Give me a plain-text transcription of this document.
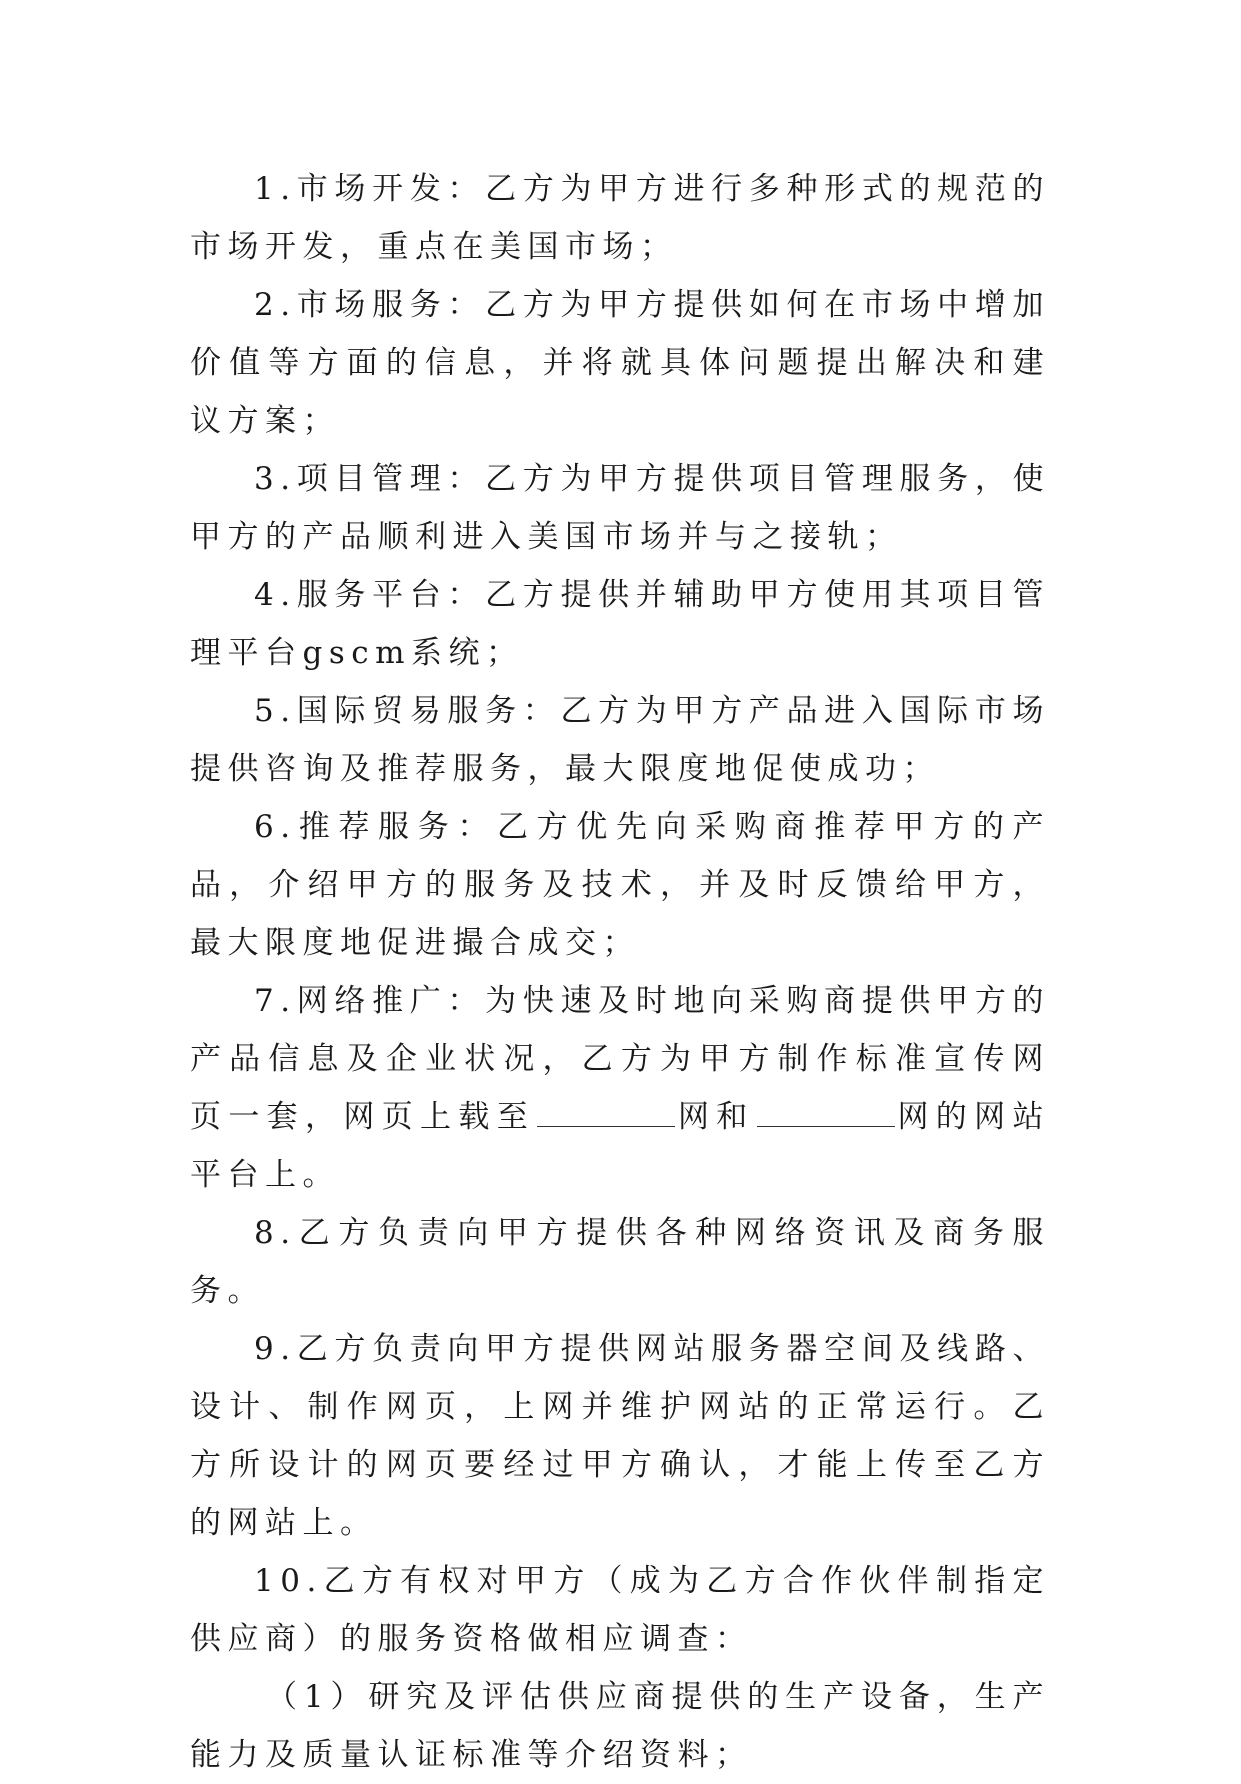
1.市场开发：乙方为甲方进行多种形式的规范的市场开发，重点在美国市场；

2.市场服务：乙方为甲方提供如何在市场中增加价值等方面的信息，并将就具体问题提出解决和建议方案；

3.项目管理：乙方为甲方提供项目管理服务，使甲方的产品顺利进入美国市场并与之接轨；

4.服务平台：乙方提供并辅助甲方使用其项目管理平台gscm系统；

5.国际贸易服务：乙方为甲方产品进入国际市场提供咨询及推荐服务，最大限度地促使成功；

6.推荐服务：乙方优先向采购商推荐甲方的产品，介绍甲方的服务及技术，并及时反馈给甲方，最大限度地促进撮合成交；

7.网络推广：为快速及时地向采购商提供甲方的产品信息及企业状况，乙方为甲方制作标准宣传网页一套，网页上载至	网和	网的网站平台上。

8.乙方负责向甲方提供各种网络资讯及商务服务。

9.乙方负责向甲方提供网站服务器空间及线路、设计、制作网页，上网并维护网站的正常运行。乙方所设计的网页要经过甲方确认，才能上传至乙方的网站上。

10.乙方有权对甲方（成为乙方合作伙伴制指定供应商）的服务资格做相应调查：

（1）研究及评估供应商提供的生产设备，生产能力及质量认证标准等介绍资料；
